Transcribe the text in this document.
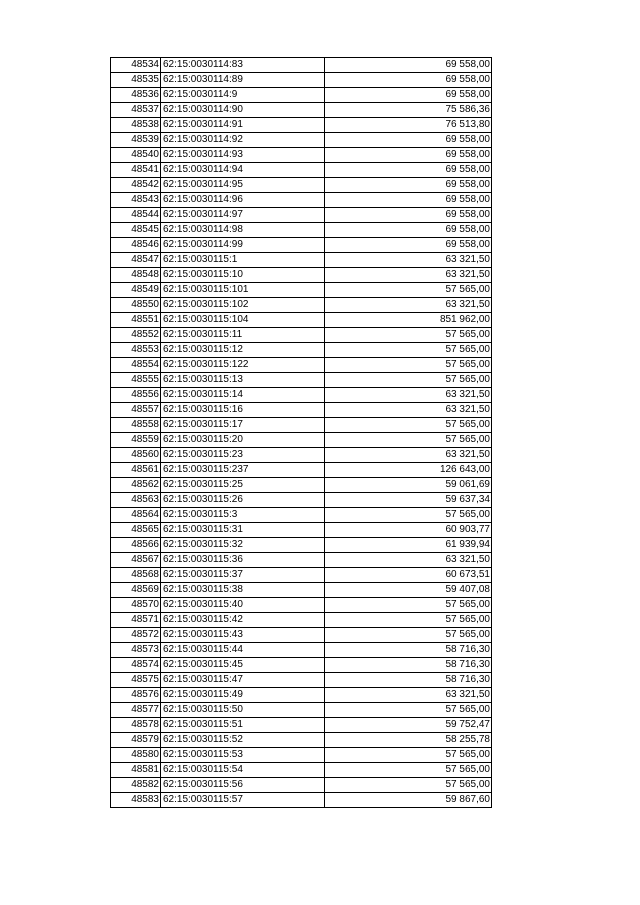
48534	62:15:0030114:83	69 558,00
48535	62:15:0030114:89	69 558,00
48536	62:15:0030114:9	69 558,00
48537	62:15:0030114:90	75 586,36
48538	62:15:0030114:91	76 513,80
48539	62:15:0030114:92	69 558,00
48540	62:15:0030114:93	69 558,00
48541	62:15:0030114:94	69 558,00
48542	62:15:0030114:95	69 558,00
48543	62:15:0030114:96	69 558,00
48544	62:15:0030114:97	69 558,00
48545	62:15:0030114:98	69 558,00
48546	62:15:0030114:99	69 558,00
48547	62:15:0030115:1	63 321,50
48548	62:15:0030115:10	63 321,50
48549	62:15:0030115:101	57 565,00
48550	62:15:0030115:102	63 321,50
48551	62:15:0030115:104	851 962,00
48552	62:15:0030115:11	57 565,00
48553	62:15:0030115:12	57 565,00
48554	62:15:0030115:122	57 565,00
48555	62:15:0030115:13	57 565,00
48556	62:15:0030115:14	63 321,50
48557	62:15:0030115:16	63 321,50
48558	62:15:0030115:17	57 565,00
48559	62:15:0030115:20	57 565,00
48560	62:15:0030115:23	63 321,50
48561	62:15:0030115:237	126 643,00
48562	62:15:0030115:25	59 061,69
48563	62:15:0030115:26	59 637,34
48564	62:15:0030115:3	57 565,00
48565	62:15:0030115:31	60 903,77
48566	62:15:0030115:32	61 939,94
48567	62:15:0030115:36	63 321,50
48568	62:15:0030115:37	60 673,51
48569	62:15:0030115:38	59 407,08
48570	62:15:0030115:40	57 565,00
48571	62:15:0030115:42	57 565,00
48572	62:15:0030115:43	57 565,00
48573	62:15:0030115:44	58 716,30
48574	62:15:0030115:45	58 716,30
48575	62:15:0030115:47	58 716,30
48576	62:15:0030115:49	63 321,50
48577	62:15:0030115:50	57 565,00
48578	62:15:0030115:51	59 752,47
48579	62:15:0030115:52	58 255,78
48580	62:15:0030115:53	57 565,00
48581	62:15:0030115:54	57 565,00
48582	62:15:0030115:56	57 565,00
48583	62:15:0030115:57	59 867,60
